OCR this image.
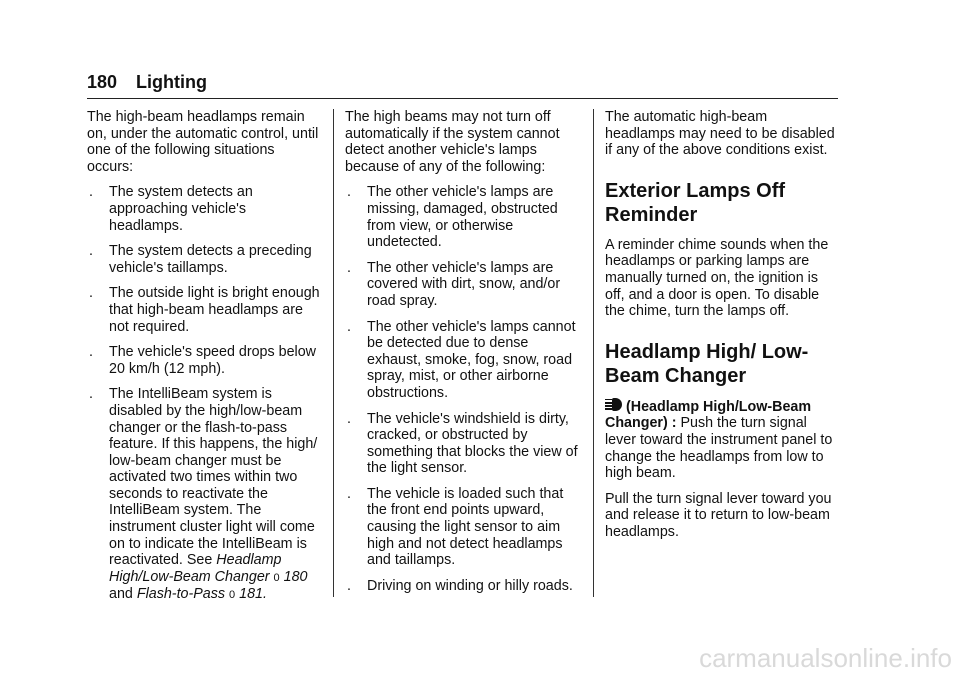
180 Lighting

The high-beam headlamps remain on, under the automatic control, until one of the following situations occurs:

. The system detects an approaching vehicle's headlamps.
. The system detects a preceding vehicle's taillamps.
. The outside light is bright enough that high-beam headlamps are not required.
. The vehicle's speed drops below 20 km/h (12 mph).
. The IntelliBeam system is disabled by the high/low-beam changer or the flash-to-pass feature. If this happens, the high/ low-beam changer must be activated two times within two seconds to reactivate the IntelliBeam system. The instrument cluster light will come on to indicate the IntelliBeam is reactivated. See Headlamp High/Low-Beam Changer 0 180
and Flash-to-Pass 0 181.

The high beams may not turn off automatically if the system cannot detect another vehicle's lamps because of any of the following:

. The other vehicle's lamps are missing, damaged, obstructed from view, or otherwise undetected.
. The other vehicle's lamps are covered with dirt, snow, and/or road spray.
. The other vehicle's lamps cannot be detected due to dense exhaust, smoke, fog, snow, road spray, mist, or other airborne obstructions.
. The vehicle's windshield is dirty, cracked, or obstructed by something that blocks the view of the light sensor.
. The vehicle is loaded such that the front end points upward, causing the light sensor to aim high and not detect headlamps and taillamps.
. Driving on winding or hilly roads.

The automatic high-beam headlamps may need to be disabled if any of the above conditions exist.

Exterior Lamps Off Reminder

A reminder chime sounds when the headlamps or parking lamps are manually turned on, the ignition is off, and a door is open. To disable the chime, turn the lamps off.

Headlamp High/ Low-Beam Changer

(Headlamp High/Low-Beam Changer) : Push the turn signal lever toward the instrument panel to change the headlamps from low to high beam.

Pull the turn signal lever toward you and release it to return to low-beam headlamps.

carmanualsonline.info
